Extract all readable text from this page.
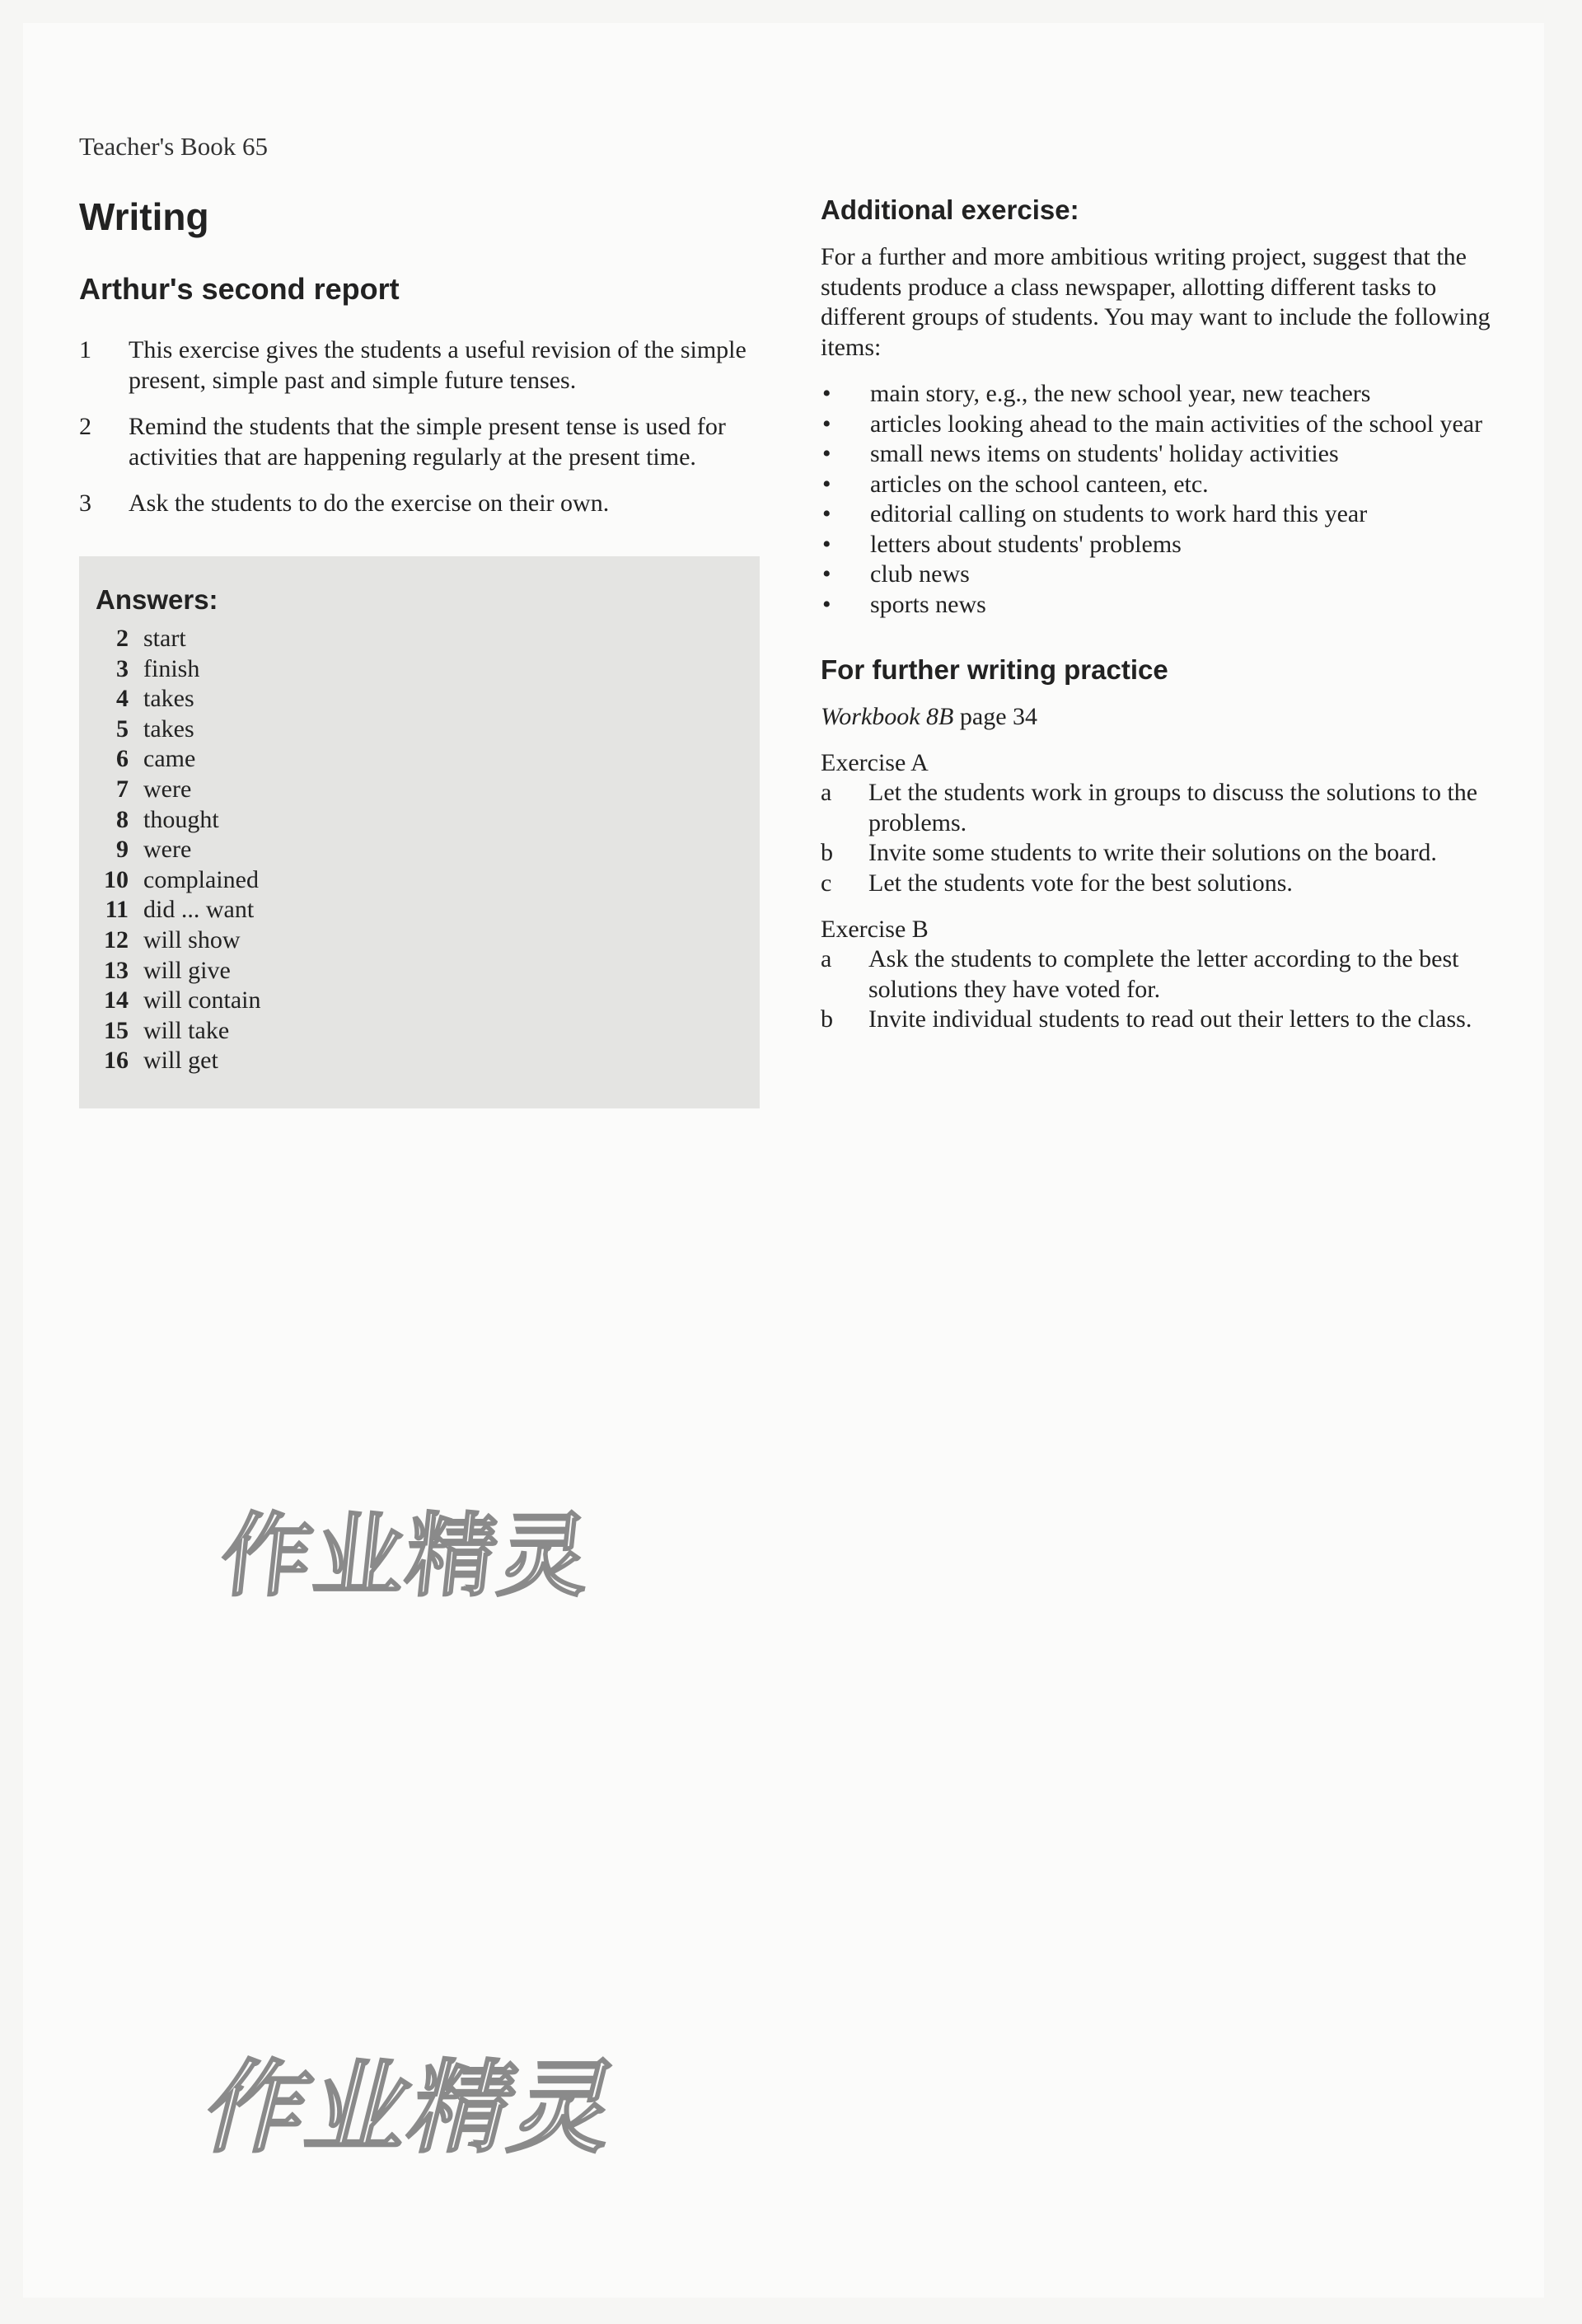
Teacher's Book 65
Writing
Arthur's second report
1	This exercise gives the students a useful revision of the simple present, simple past and simple future tenses.
2	Remind the students that the simple present tense is used for activities that are happening regularly at the present time.
3	Ask the students to do the exercise on their own.
Answers:
2 start
3 finish
4 takes
5 takes
6 came
7 were
8 thought
9 were
10 complained
11 did ... want
12 will show
13 will give
14 will contain
15 will take
16 will get
Additional exercise:

For a further and more ambitious writing project, suggest that the students produce a class newspaper, allotting different tasks to different groups of students. You may want to include the following items:

•	main story, e.g., the new school year, new teachers
•	articles looking ahead to the main activities of the school year
•	small news items on students' holiday activities
•	articles on the school canteen, etc.
•	editorial calling on students to work hard this year
•	letters about students' problems
•	club news
•	sports news
For further writing practice

Workbook 8B page 34

Exercise A

a	Let the students work in groups to discuss the solutions to the problems.
b	Invite some students to write their solutions on the board.
c	Let the students vote for the best solutions.

Exercise B

a	Ask the students to complete the letter according to the best solutions they have voted for.
b	Invite individual students to read out their letters to the class.
作业精灵
作业精灵
